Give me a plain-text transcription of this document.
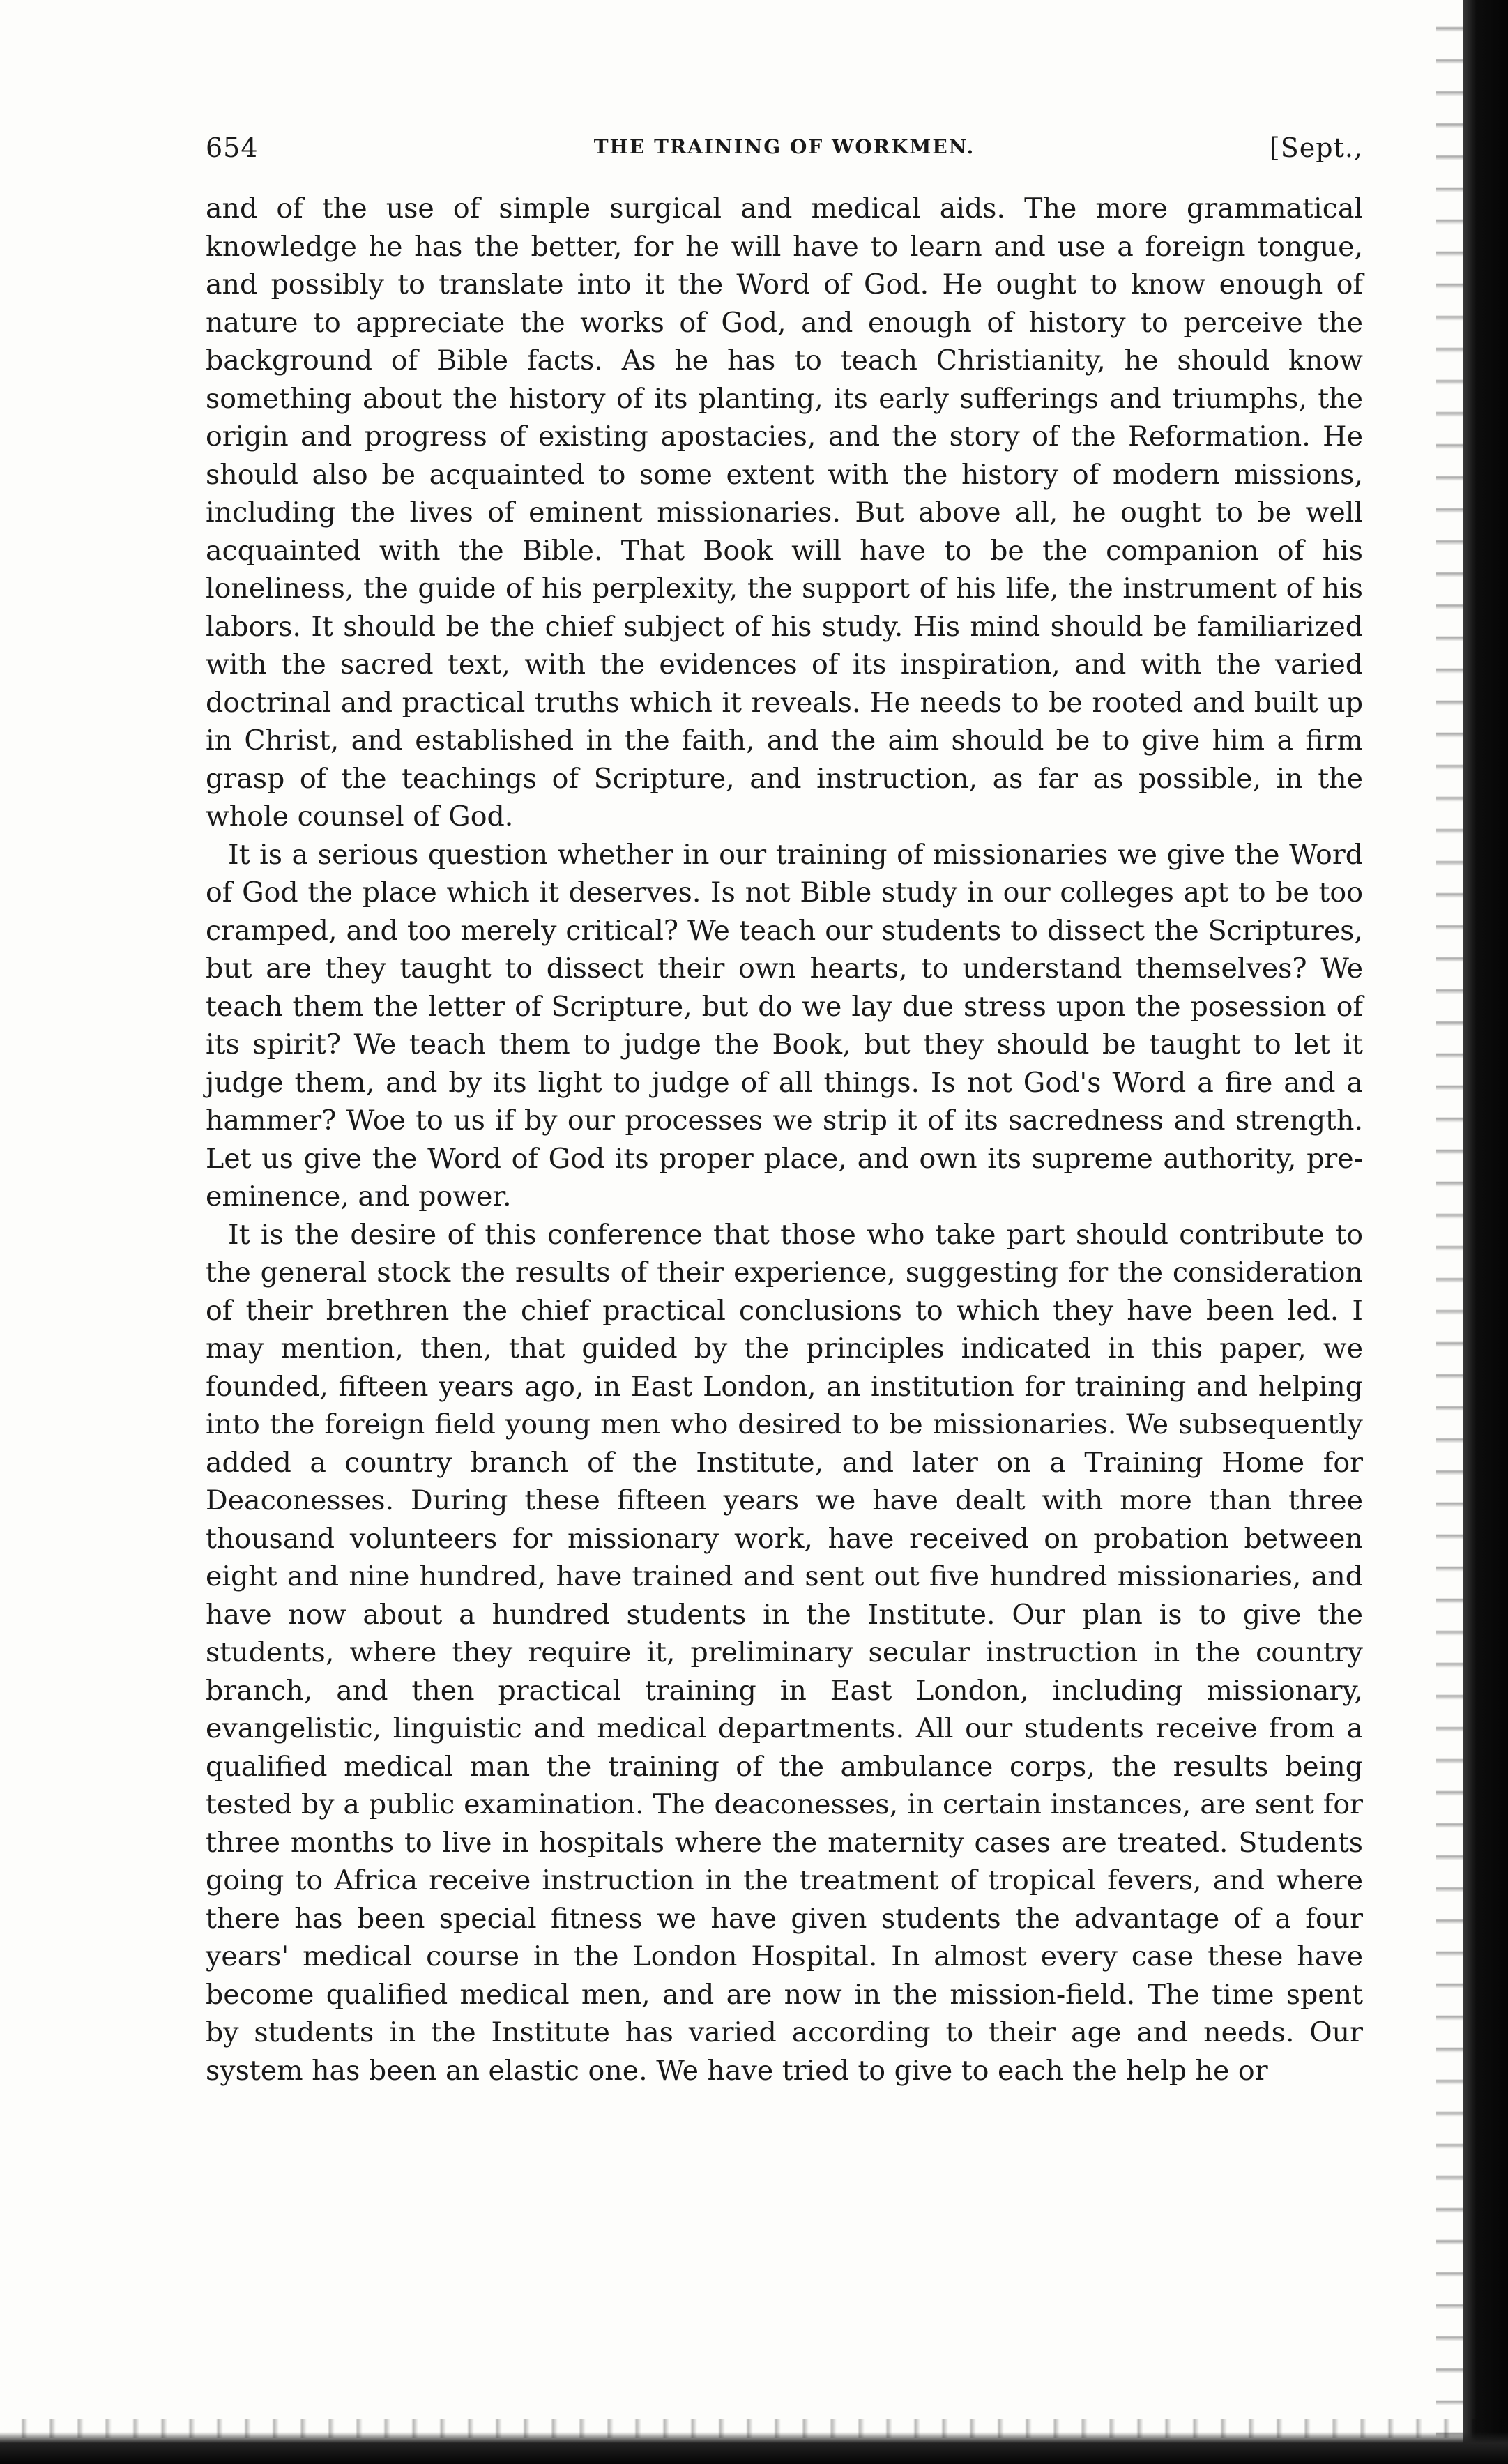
654	THE TRAINING OF WORKMEN.	[Sept.,

and of the use of simple surgical and medical aids. The more grammatical knowledge he has the better, for he will have to learn and use a foreign tongue, and possibly to translate into it the Word of God. He ought to know enough of nature to appreciate the works of God, and enough of history to perceive the background of Bible facts. As he has to teach Christianity, he should know something about the history of its planting, its early sufferings and triumphs, the origin and progress of existing apostacies, and the story of the Reformation. He should also be acquainted to some extent with the history of modern missions, including the lives of eminent missionaries. But above all, he ought to be well acquainted with the Bible. That Book will have to be the companion of his loneliness, the guide of his perplexity, the support of his life, the instrument of his labors. It should be the chief subject of his study. His mind should be familiarized with the sacred text, with the evidences of its inspiration, and with the varied doctrinal and practical truths which it reveals. He needs to be rooted and built up in Christ, and established in the faith, and the aim should be to give him a firm grasp of the teachings of Scripture, and instruction, as far as possible, in the whole counsel of God.

It is a serious question whether in our training of missionaries we give the Word of God the place which it deserves. Is not Bible study in our colleges apt to be too cramped, and too merely critical? We teach our students to dissect the Scriptures, but are they taught to dissect their own hearts, to understand themselves? We teach them the letter of Scripture, but do we lay due stress upon the posession of its spirit? We teach them to judge the Book, but they should be taught to let it judge them, and by its light to judge of all things. Is not God's Word a fire and a hammer? Woe to us if by our processes we strip it of its sacredness and strength. Let us give the Word of God its proper place, and own its supreme authority, pre-eminence, and power.

It is the desire of this conference that those who take part should contribute to the general stock the results of their experience, suggesting for the consideration of their brethren the chief practical conclusions to which they have been led. I may mention, then, that guided by the principles indicated in this paper, we founded, fifteen years ago, in East London, an institution for training and helping into the foreign field young men who desired to be missionaries. We subsequently added a country branch of the Institute, and later on a Training Home for Deaconesses. During these fifteen years we have dealt with more than three thousand volunteers for missionary work, have received on probation between eight and nine hundred, have trained and sent out five hundred missionaries, and have now about a hundred students in the Institute. Our plan is to give the students, where they require it, preliminary secular instruction in the country branch, and then practical training in East London, including missionary, evangelistic, linguistic and medical departments. All our students receive from a qualified medical man the training of the ambulance corps, the results being tested by a public examination. The deaconesses, in certain instances, are sent for three months to live in hospitals where the maternity cases are treated. Students going to Africa receive instruction in the treatment of tropical fevers, and where there has been special fitness we have given students the advantage of a four years' medical course in the London Hospital. In almost every case these have become qualified medical men, and are now in the mission-field. The time spent by students in the Institute has varied according to their age and needs. Our system has been an elastic one. We have tried to give to each the help he or
